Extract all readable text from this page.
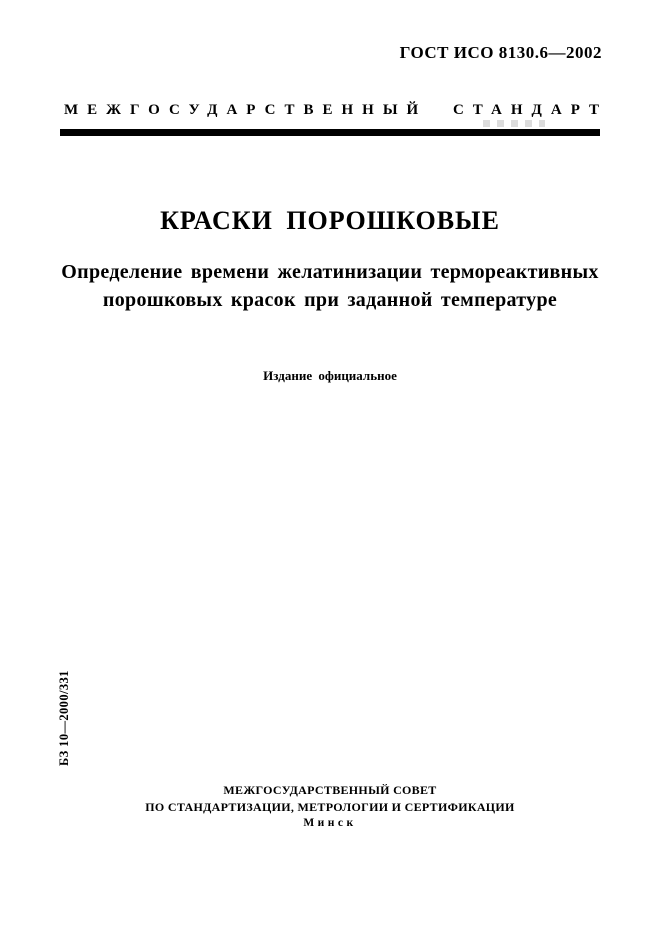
ГОСТ ИСО 8130.6—2002
МЕЖГОСУДАРСТВЕННЫЙ СТАНДАРТ
КРАСКИ ПОРОШКОВЫЕ
Определение времени желатинизации термореактивных
порошковых красок при заданной температуре
Издание официальное
БЗ 10—2000/331
МЕЖГОСУДАРСТВЕННЫЙ СОВЕТ
ПО СТАНДАРТИЗАЦИИ, МЕТРОЛОГИИ И СЕРТИФИКАЦИИ
Минск
